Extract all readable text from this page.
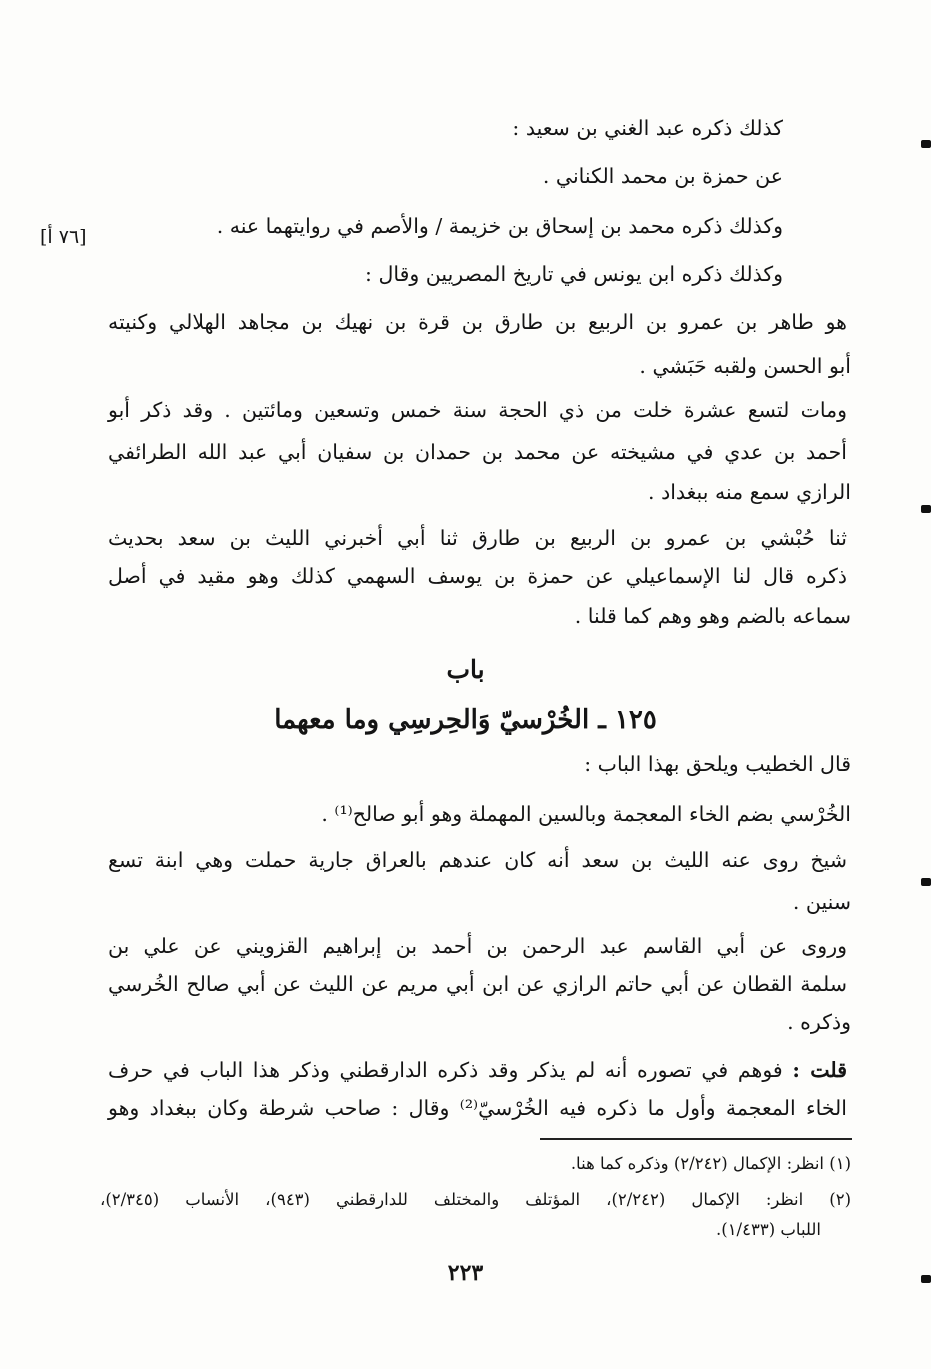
[٧٦ أ]
كذلك ذكره عبد الغني بن سعيد :
عن حمزة بن محمد الكناني .
وكذلك ذكره محمد بن إسحاق بن خزيمة / والأصم في روايتهما عنه .
وكذلك ذكره ابن يونس في تاريخ المصريين وقال :
هو طاهر بن عمرو بن الربيع بن طارق بن قرة بن نهيك بن مجاهد الهلالي وكنيته
أبو الحسن ولقبه حَبَشي .
ومات لتسع عشرة خلت من ذي الحجة سنة خمس وتسعين ومائتين . وقد ذكر أبو
أحمد بن عدي في مشيخته عن محمد بن حمدان بن سفيان أبي عبد الله الطرائفي
الرازي سمع منه ببغداد .
ثنا حُبْشي بن عمرو بن الربيع بن طارق ثنا أبي أخبرني الليث بن سعد بحديث
ذكره قال لنا الإسماعيلي عن حمزة بن يوسف السهمي كذلك وهو مقيد في أصل
سماعه بالضم وهو وهم كما قلنا .
باب
١٢٥ ـ الخُرْسيّ وَالحِرسِي وما معهما
قال الخطيب ويلحق بهذا الباب :
الخُرْسي بضم الخاء المعجمة وبالسين المهملة وهو أبو صالح⁽¹⁾ .
شيخ روى عنه الليث بن سعد أنه كان عندهم بالعراق جارية حملت وهي ابنة تسع
سنين .
وروى عن أبي القاسم عبد الرحمن بن أحمد بن إبراهيم القزويني عن علي بن
سلمة القطان عن أبي حاتم الرازي عن ابن أبي مريم عن الليث عن أبي صالح الخُرسي
وذكره .
قلت : فوهم في تصوره أنه لم يذكر وقد ذكره الدارقطني وذكر هذا الباب في حرف
الخاء المعجمة وأول ما ذكره فيه الخُرْسيّ⁽²⁾ وقال : صاحب شرطة وكان ببغداد وهو
(١) انظر: الإكمال (٢/٢٤٢) وذكره كما هنا.
(٢) انظر: الإكمال (٢/٢٤٢)، المؤتلف والمختلف للدارقطني (٩٤٣)، الأنساب (٢/٣٤٥)،
اللباب (١/٤٣٣).
٢٢٣
